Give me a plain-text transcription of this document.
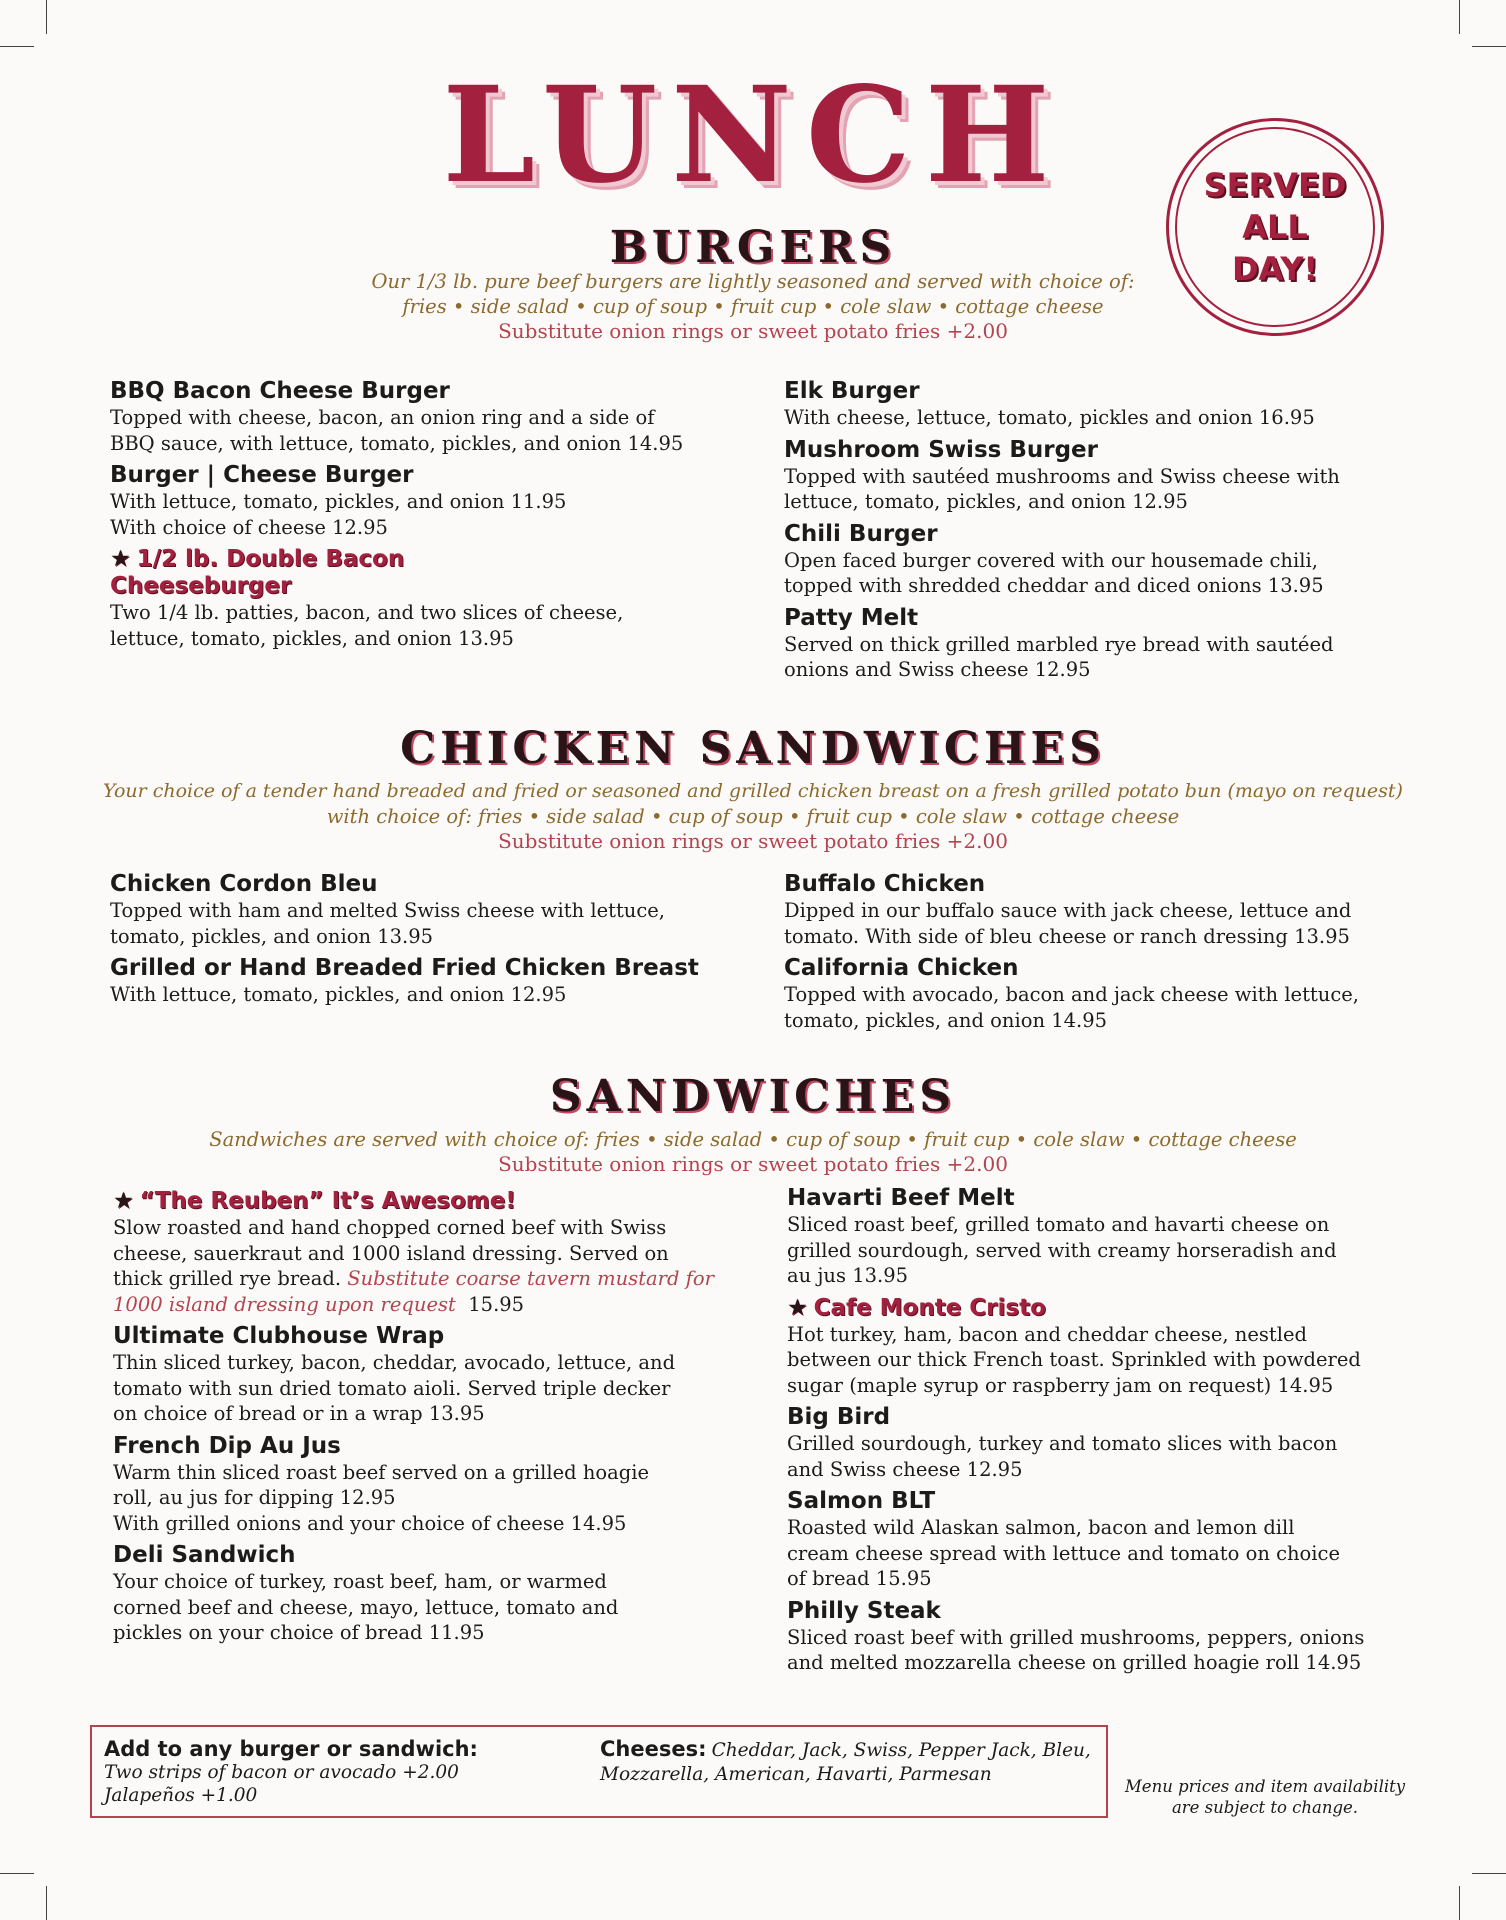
LUNCH	SERVED
ALL
DAY!
BURGERS
Our 1/3 lb. pure beef burgers are lightly seasoned and served with choice of:
fries • side salad • cup of soup • fruit cup • cole slaw • cottage cheese
Substitute onion rings or sweet potato fries +2.00

BBQ Bacon Cheese Burger

Topped with cheese, bacon, an onion ring and a side of

BBQ sauce, with lettuce, tomato, pickles, and onion 14.95

Burger | Cheese Burger

With lettuce, tomato, pickles, and onion 11.95

With choice of cheese 12.95

★ 1/2 lb. Double Bacon Cheeseburger

Two 1/4 lb. patties, bacon, and two slices of cheese,

lettuce, tomato, pickles, and onion 13.95

Elk Burger

With cheese, lettuce, tomato, pickles and onion 16.95

Mushroom Swiss Burger

Topped with sautéed mushrooms and Swiss cheese with

lettuce, tomato, pickles, and onion 12.95

Chili Burger

Open faced burger covered with our housemade chili,

topped with shredded cheddar and diced onions 13.95

Patty Melt

Served on thick grilled marbled rye bread with sautéed

onions and Swiss cheese 12.95

CHICKEN SANDWICHES
Your choice of a tender hand breaded and fried or seasoned and grilled chicken breast on a fresh grilled potato bun (mayo on request)
with choice of: fries • side salad • cup of soup • fruit cup • cole slaw • cottage cheese
Substitute onion rings or sweet potato fries +2.00

Chicken Cordon Bleu

Topped with ham and melted Swiss cheese with lettuce,

tomato, pickles, and onion 13.95

Grilled or Hand Breaded Fried Chicken Breast

With lettuce, tomato, pickles, and onion 12.95

Buffalo Chicken

Dipped in our buffalo sauce with jack cheese, lettuce and

tomato. With side of bleu cheese or ranch dressing 13.95

California Chicken

Topped with avocado, bacon and jack cheese with lettuce,

tomato, pickles, and onion 14.95

SANDWICHES
Sandwiches are served with choice of: fries • side salad • cup of soup • fruit cup • cole slaw • cottage cheese
Substitute onion rings or sweet potato fries +2.00

★ “The Reuben” It’s Awesome!

Slow roasted and hand chopped corned beef with Swiss

cheese, sauerkraut and 1000 island dressing. Served on

thick grilled rye bread. Substitute coarse tavern mustard for

1000 island dressing upon request 15.95

Ultimate Clubhouse Wrap

Thin sliced turkey, bacon, cheddar, avocado, lettuce, and

tomato with sun dried tomato aioli. Served triple decker

on choice of bread or in a wrap 13.95

French Dip Au Jus

Warm thin sliced roast beef served on a grilled hoagie

roll, au jus for dipping 12.95

With grilled onions and your choice of cheese 14.95

Deli Sandwich

Your choice of turkey, roast beef, ham, or warmed

corned beef and cheese, mayo, lettuce, tomato and

pickles on your choice of bread 11.95

Havarti Beef Melt

Sliced roast beef, grilled tomato and havarti cheese on

grilled sourdough, served with creamy horseradish and

au jus 13.95

★ Cafe Monte Cristo

Hot turkey, ham, bacon and cheddar cheese, nestled

between our thick French toast. Sprinkled with powdered

sugar (maple syrup or raspberry jam on request) 14.95

Big Bird

Grilled sourdough, turkey and tomato slices with bacon

and Swiss cheese 12.95

Salmon BLT

Roasted wild Alaskan salmon, bacon and lemon dill

cream cheese spread with lettuce and tomato on choice

of bread 15.95

Philly Steak

Sliced roast beef with grilled mushrooms, peppers, onions

and melted mozzarella cheese on grilled hoagie roll 14.95

Add to any burger or sandwich:
Two strips of bacon or avocado +2.00
Jalapeños +1.00
Cheeses: Cheddar, Jack, Swiss, Pepper Jack, Bleu,
Mozzarella, American, Havarti, Parmesan
Menu prices and item availability
are subject to change.
